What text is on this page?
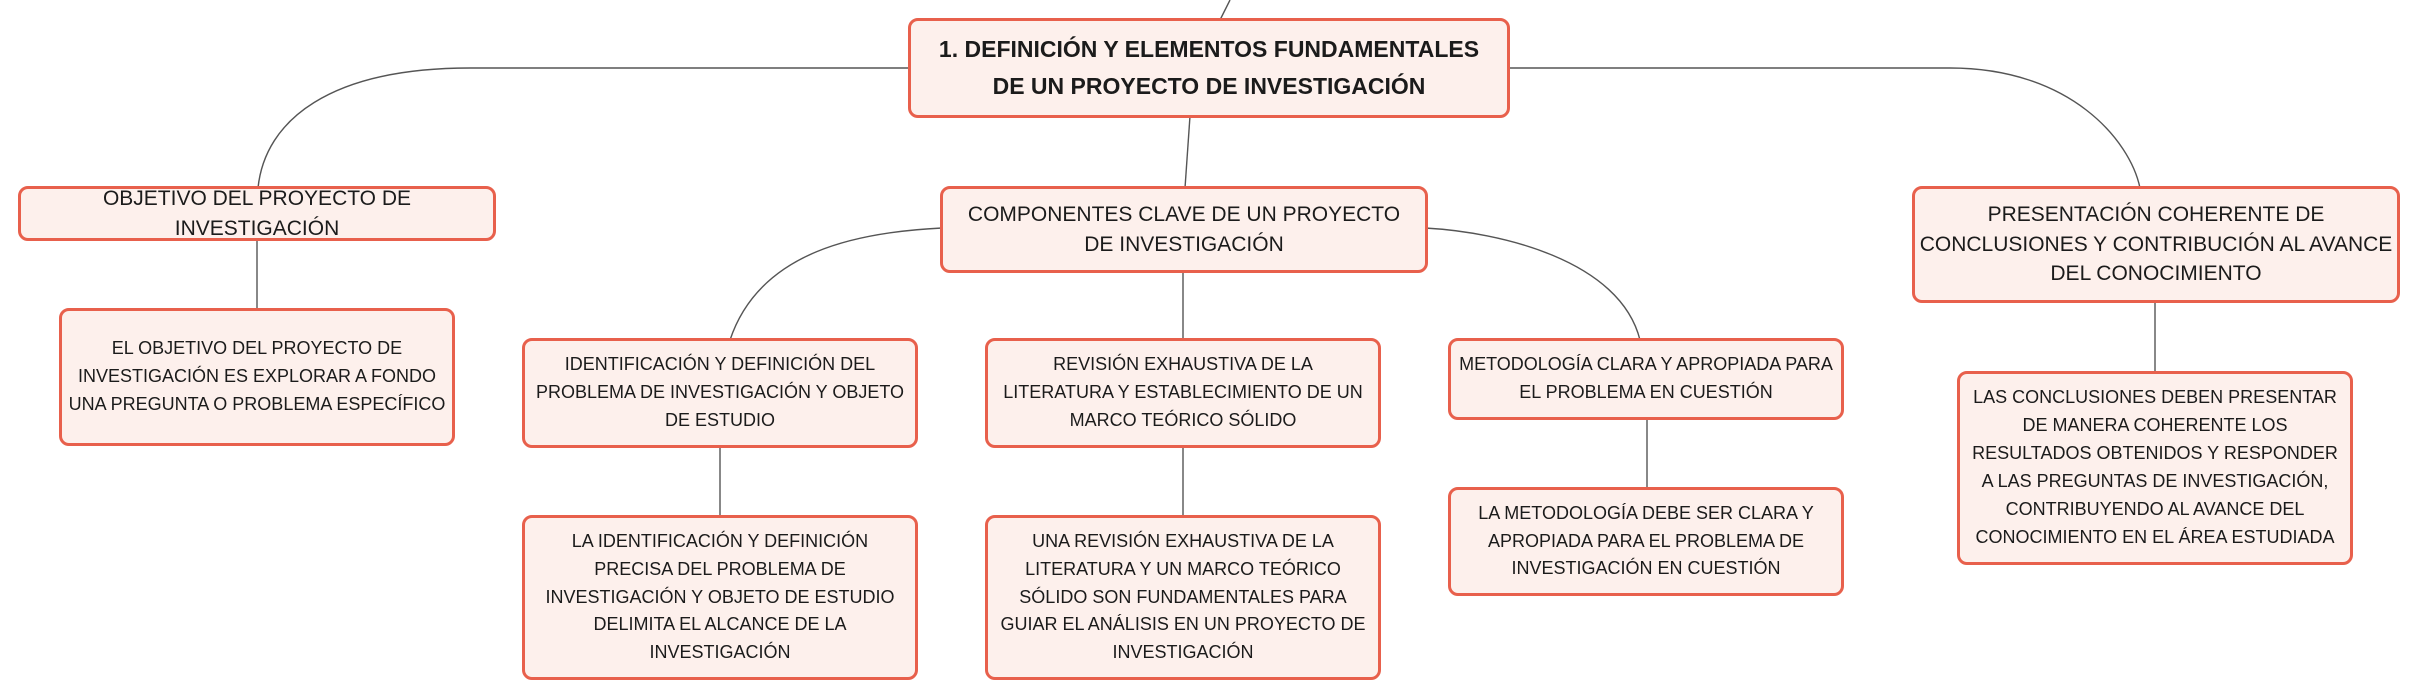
1. DEFINICIÓN Y ELEMENTOS FUNDAMENTALES DE UN PROYECTO DE INVESTIGACIÓN
OBJETIVO DEL PROYECTO DE INVESTIGACIÓN
EL OBJETIVO DEL PROYECTO DE INVESTIGACIÓN ES EXPLORAR A FONDO UNA PREGUNTA O PROBLEMA ESPECÍFICO
COMPONENTES CLAVE DE UN PROYECTO DE INVESTIGACIÓN
IDENTIFICACIÓN Y DEFINICIÓN DEL PROBLEMA DE INVESTIGACIÓN Y OBJETO DE ESTUDIO
LA IDENTIFICACIÓN Y DEFINICIÓN PRECISA DEL PROBLEMA DE INVESTIGACIÓN Y OBJETO DE ESTUDIO DELIMITA EL ALCANCE DE LA INVESTIGACIÓN
REVISIÓN EXHAUSTIVA DE LA LITERATURA Y ESTABLECIMIENTO DE UN MARCO TEÓRICO SÓLIDO
UNA REVISIÓN EXHAUSTIVA DE LA LITERATURA Y UN MARCO TEÓRICO SÓLIDO SON FUNDAMENTALES PARA GUIAR EL ANÁLISIS EN UN PROYECTO DE INVESTIGACIÓN
METODOLOGÍA CLARA Y APROPIADA PARA EL PROBLEMA EN CUESTIÓN
LA METODOLOGÍA DEBE SER CLARA Y APROPIADA PARA EL PROBLEMA DE INVESTIGACIÓN EN CUESTIÓN
PRESENTACIÓN COHERENTE DE CONCLUSIONES Y CONTRIBUCIÓN AL AVANCE DEL CONOCIMIENTO
LAS CONCLUSIONES DEBEN PRESENTAR DE MANERA COHERENTE LOS RESULTADOS OBTENIDOS Y RESPONDER A LAS PREGUNTAS DE INVESTIGACIÓN, CONTRIBUYENDO AL AVANCE DEL CONOCIMIENTO EN EL ÁREA ESTUDIADA
